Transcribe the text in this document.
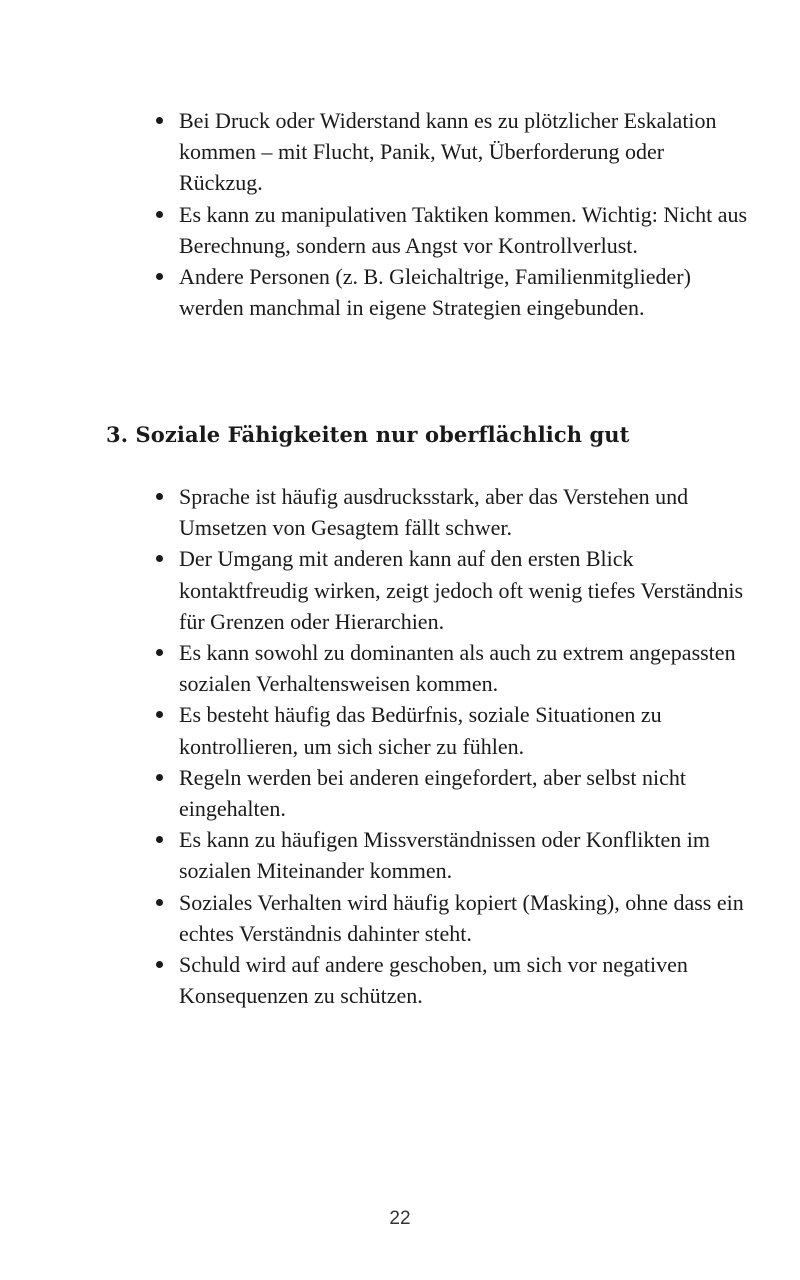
Bei Druck oder Widerstand kann es zu plötzlicher Eskalation kommen – mit Flucht, Panik, Wut, Überforderung oder Rückzug.
Es kann zu manipulativen Taktiken kommen. Wichtig: Nicht aus Berechnung, sondern aus Angst vor Kontrollverlust.
Andere Personen (z. B. Gleichaltrige, Familienmitglieder) werden manchmal in eigene Strategien eingebunden.
3. Soziale Fähigkeiten nur oberflächlich gut
Sprache ist häufig ausdrucksstark, aber das Verstehen und Umsetzen von Gesagtem fällt schwer.
Der Umgang mit anderen kann auf den ersten Blick kontaktfreudig wirken, zeigt jedoch oft wenig tiefes Verständnis für Grenzen oder Hierarchien.
Es kann sowohl zu dominanten als auch zu extrem angepassten sozialen Verhaltensweisen kommen.
Es besteht häufig das Bedürfnis, soziale Situationen zu kontrollieren, um sich sicher zu fühlen.
Regeln werden bei anderen eingefordert, aber selbst nicht eingehalten.
Es kann zu häufigen Missverständnissen oder Konflikten im sozialen Miteinander kommen.
Soziales Verhalten wird häufig kopiert (Masking), ohne dass ein echtes Verständnis dahinter steht.
Schuld wird auf andere geschoben, um sich vor negativen Konsequenzen zu schützen.
22
